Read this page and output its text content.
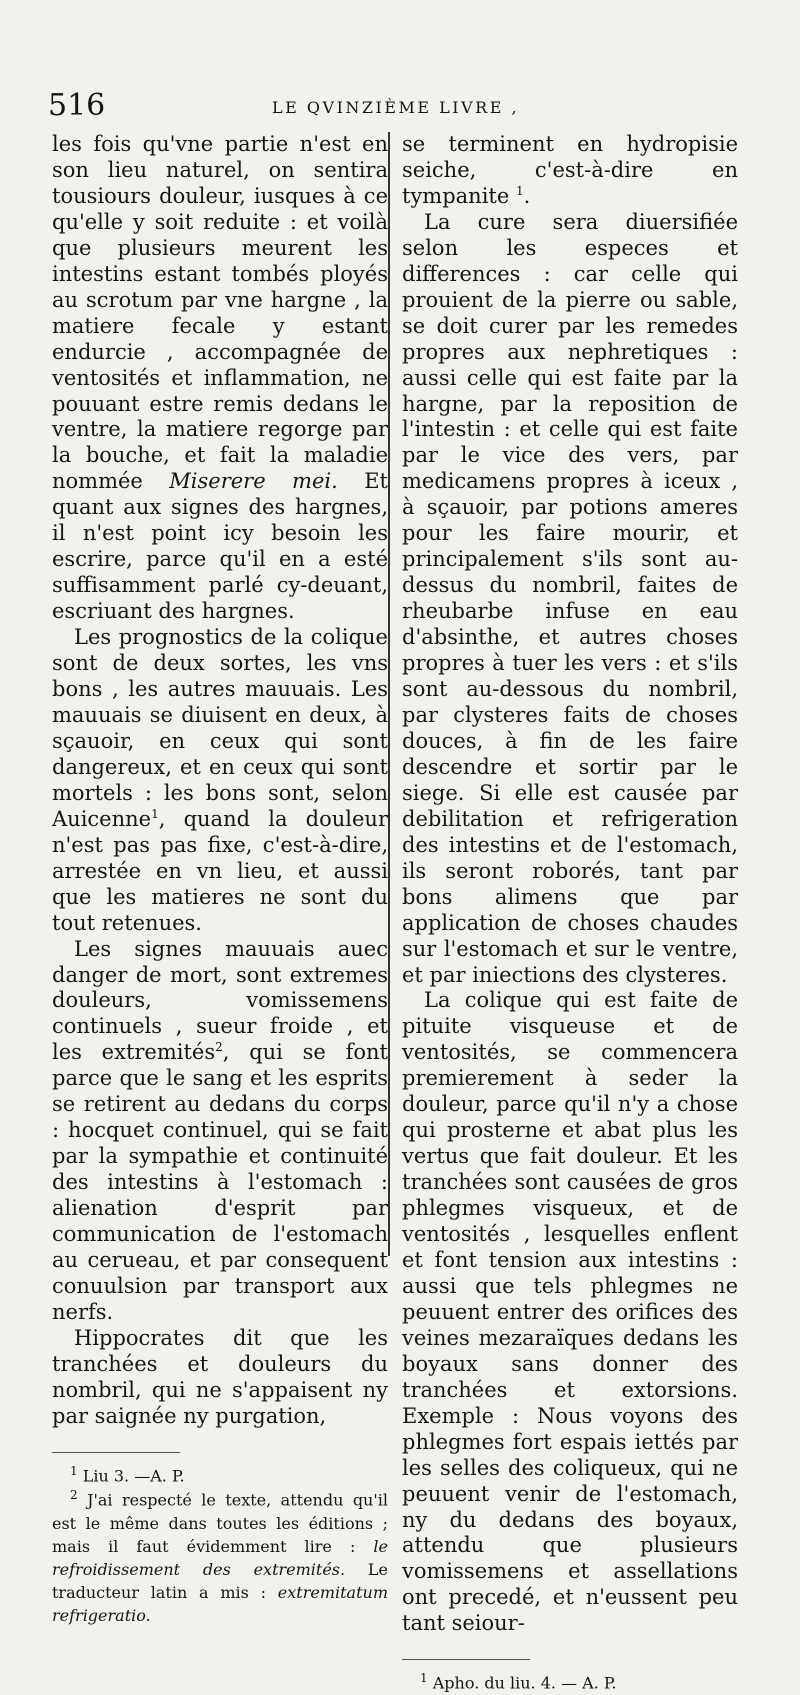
516	LE QVINZIÈME LIVRE ,

les fois qu'vne partie n'est en son lieu naturel, on sentira tousiours douleur, iusques à ce qu'elle y soit reduite : et voilà que plusieurs meurent les intestins estant tombés ployés au scrotum par vne hargne , la matiere fecale y estant endurcie , accompagnée de ventosités et inflammation, ne pouuant estre remis dedans le ventre, la matiere regorge par la bouche, et fait la maladie nommée Miserere mei. Et quant aux signes des hargnes, il n'est point icy besoin les escrire, parce qu'il en a esté suffisamment parlé cy-deuant, escriuant des hargnes.

Les prognostics de la colique sont de deux sortes, les vns bons , les autres mauuais. Les mauuais se diuisent en deux, à sçauoir, en ceux qui sont dangereux, et en ceux qui sont mortels : les bons sont, selon Auicenne$^1$, quand la douleur n'est pas pas fixe, c'est-à-dire, arrestée en vn lieu, et aussi que les matieres ne sont du tout retenues.

Les signes mauuais auec danger de mort, sont extremes douleurs, vomissemens continuels , sueur froide , et les extremités$^2$, qui se font parce que le sang et les esprits se retirent au dedans du corps : hocquet continuel, qui se fait par la sympathie et continuité des intestins à l'estomach : alienation d'esprit par communication de l'estomach au cerueau, et par consequent conuulsion par transport aux nerfs.

Hippocrates dit que les tranchées et douleurs du nombril, qui ne s'appaisent ny par saignée ny purgation,

$^1$ Liu 3. —A. P.

$^2$ J'ai respecté le texte, attendu qu'il est le même dans toutes les éditions ; mais il faut évidemment lire : le refroidissement des extremités. Le traducteur latin a mis : extremitatum refrigeratio.

se terminent en hydropisie seiche, c'est-à-dire en tympanite $^1$.

La cure sera diuersifiée selon les especes et differences : car celle qui prouient de la pierre ou sable, se doit curer par les remedes propres aux nephretiques : aussi celle qui est faite par la hargne, par la reposition de l'intestin : et celle qui est faite par le vice des vers, par medicamens propres à iceux , à sçauoir, par potions ameres pour les faire mourir, et principalement s'ils sont au-dessus du nombril, faites de rheubarbe infuse en eau d'absinthe, et autres choses propres à tuer les vers : et s'ils sont au-dessous du nombril, par clysteres faits de choses douces, à fin de les faire descendre et sortir par le siege. Si elle est causée par debilitation et refrigeration des intestins et de l'estomach, ils seront roborés, tant par bons alimens que par application de choses chaudes sur l'estomach et sur le ventre, et par iniections des clysteres.

La colique qui est faite de pituite visqueuse et de ventosités, se commencera premierement à seder la douleur, parce qu'il n'y a chose qui prosterne et abat plus les vertus que fait douleur. Et les tranchées sont causées de gros phlegmes visqueux, et de ventosités , lesquelles enflent et font tension aux intestins : aussi que tels phlegmes ne peuuent entrer des orifices des veines mezaraïques dedans les boyaux sans donner des tranchées et extorsions. Exemple : Nous voyons des phlegmes fort espais iettés par les selles des coliqueux, qui ne peuuent venir de l'estomach, ny du dedans des boyaux, attendu que plusieurs vomissemens et assellations ont precedé, et n'eussent peu tant seiour-

$^1$ Apho. du liu. 4. — A. P.
